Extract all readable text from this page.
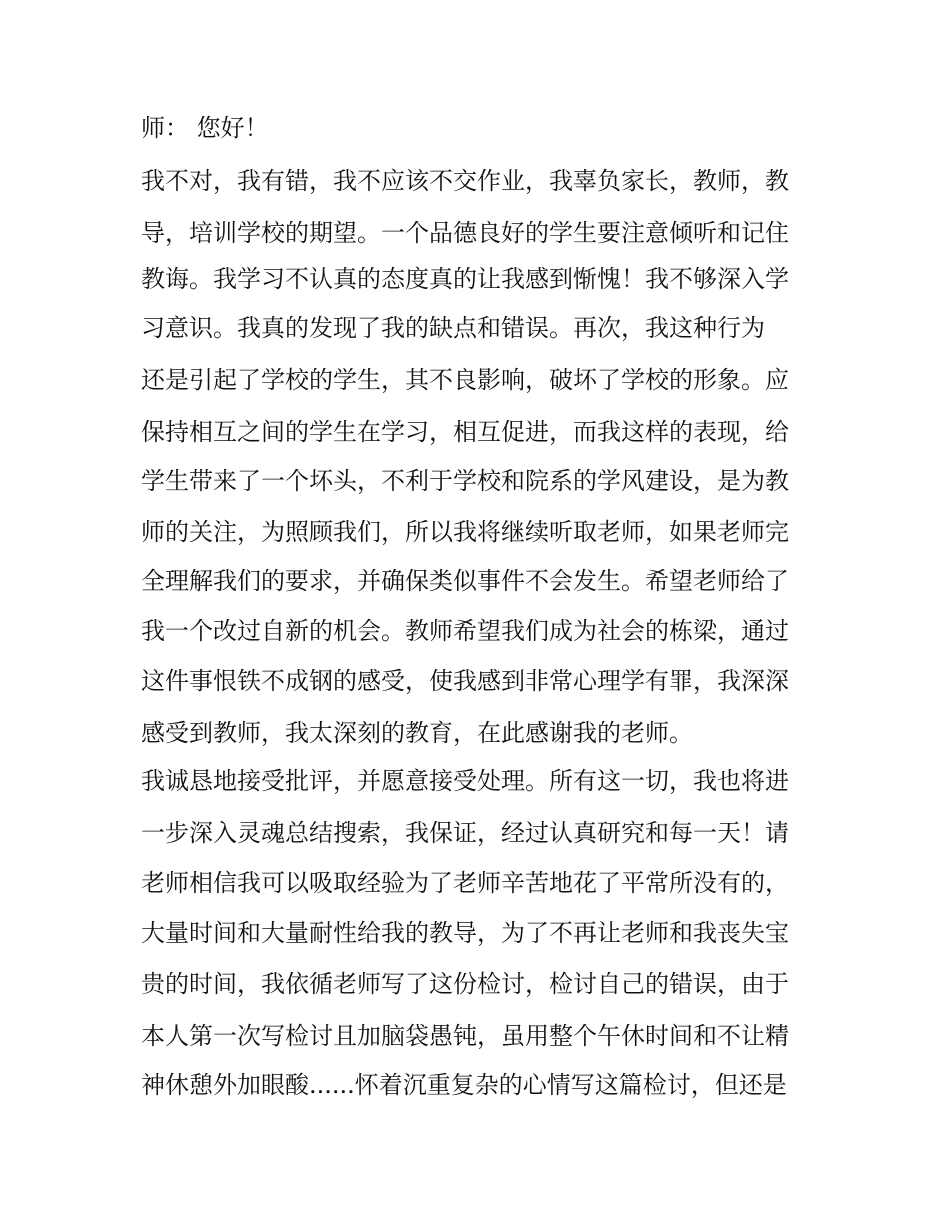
师： 您好！
我不对，我有错，我不应该不交作业，我辜负家长，教师，教
导，培训学校的期望。一个品德良好的学生要注意倾听和记住
教诲。我学习不认真的态度真的让我感到惭愧！我不够深入学
习意识。我真的发现了我的缺点和错误。再次，我这种行为
还是引起了学校的学生，其不良影响，破坏了学校的形象。应
保持相互之间的学生在学习，相互促进，而我这样的表现，给
学生带来了一个坏头，不利于学校和院系的学风建设，是为教
师的关注，为照顾我们，所以我将继续听取老师，如果老师完
全理解我们的要求，并确保类似事件不会发生。希望老师给了
我一个改过自新的机会。教师希望我们成为社会的栋梁，通过
这件事恨铁不成钢的感受，使我感到非常心理学有罪，我深深
感受到教师，我太深刻的教育，在此感谢我的老师。
我诚恳地接受批评，并愿意接受处理。所有这一切，我也将进
一步深入灵魂总结搜索，我保证，经过认真研究和每一天！请
老师相信我可以吸取经验为了老师辛苦地花了平常所没有的，
大量时间和大量耐性给我的教导，为了不再让老师和我丧失宝
贵的时间，我依循老师写了这份检讨，检讨自己的错误，由于
本人第一次写检讨且加脑袋愚钝，虽用整个午休时间和不让精
神休憩外加眼酸......怀着沉重复杂的心情写这篇检讨，但还是
